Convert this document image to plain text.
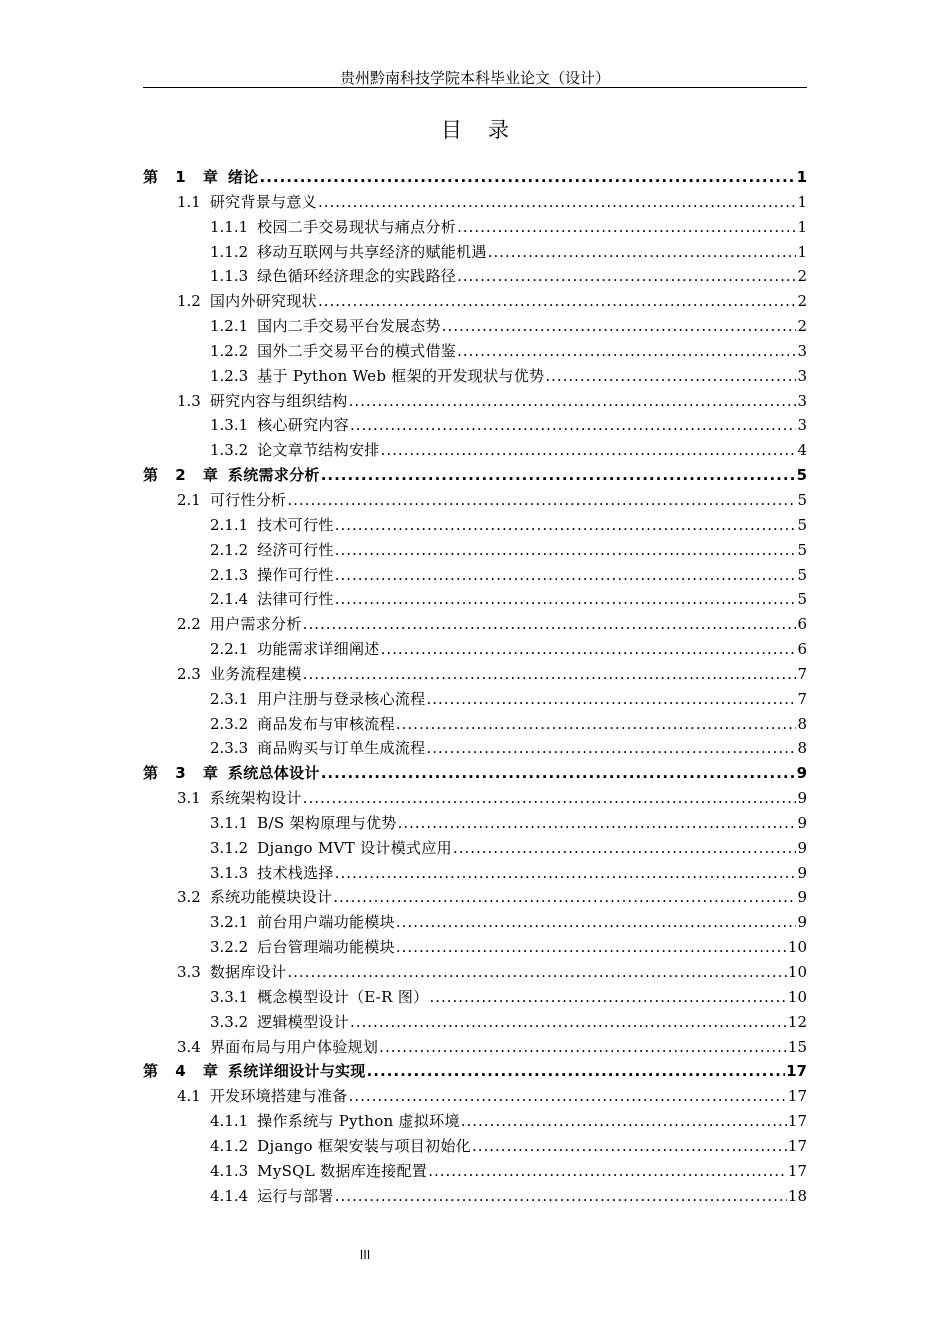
贵州黔南科技学院本科毕业论文（设计）
目录
第 1 章 绪论 .....	1
1.1 研究背景与意义 .....	1
1.1.1 校园二手交易现状与痛点分析 .....	1
1.1.2 移动互联网与共享经济的赋能机遇 .....	1
1.1.3 绿色循环经济理念的实践路径 .....	2
1.2 国内外研究现状 .....	2
1.2.1 国内二手交易平台发展态势 .....	2
1.2.2 国外二手交易平台的模式借鉴 .....	3
1.2.3 基于 Python Web 框架的开发现状与优势 .....	3
1.3 研究内容与组织结构 .....	3
1.3.1 核心研究内容 .....	3
1.3.2 论文章节结构安排 .....	4
第 2 章 系统需求分析 .....	5
2.1 可行性分析 .....	5
2.1.1 技术可行性 .....	5
2.1.2 经济可行性 .....	5
2.1.3 操作可行性 .....	5
2.1.4 法律可行性 .....	5
2.2 用户需求分析 .....	6
2.2.1 功能需求详细阐述 .....	6
2.3 业务流程建模 .....	7
2.3.1 用户注册与登录核心流程 .....	7
2.3.2 商品发布与审核流程 .....	8
2.3.3 商品购买与订单生成流程 .....	8
第 3 章 系统总体设计 .....	9
3.1 系统架构设计 .....	9
3.1.1 B/S 架构原理与优势 .....	9
3.1.2 Django MVT 设计模式应用 .....	9
3.1.3 技术栈选择 .....	9
3.2 系统功能模块设计 .....	9
3.2.1 前台用户端功能模块 .....	9
3.2.2 后台管理端功能模块 .....	10
3.3 数据库设计 .....	10
3.3.1 概念模型设计（E-R 图） .....	10
3.3.2 逻辑模型设计 .....	12
3.4 界面布局与用户体验规划 .....	15
第 4 章 系统详细设计与实现 .....	17
4.1 开发环境搭建与准备 .....	17
4.1.1 操作系统与 Python 虚拟环境 .....	17
4.1.2 Django 框架安装与项目初始化 .....	17
4.1.3 MySQL 数据库连接配置 .....	17
4.1.4 运行与部署 .....	18
III
